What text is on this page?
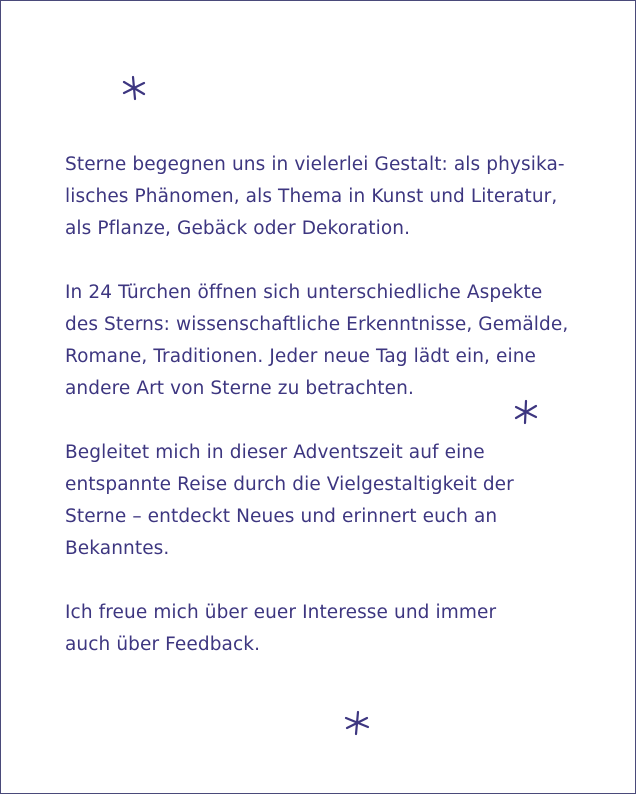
Sterne begegnen uns in vielerlei Gestalt: als physika-
lisches Phänomen, als Thema in Kunst und Literatur,
als Pflanze, Gebäck oder Dekoration.

In 24 Türchen öffnen sich unterschiedliche Aspekte
des Sterns: wissenschaftliche Erkenntnisse, Gemälde,
Romane, Traditionen. Jeder neue Tag lädt ein, eine
andere Art von Sterne zu betrachten.

Begleitet mich in dieser Adventszeit auf eine
entspannte Reise durch die Vielgestaltigkeit der
Sterne – entdeckt Neues und erinnert euch an
Bekanntes.

Ich freue mich über euer Interesse und immer
auch über Feedback.
